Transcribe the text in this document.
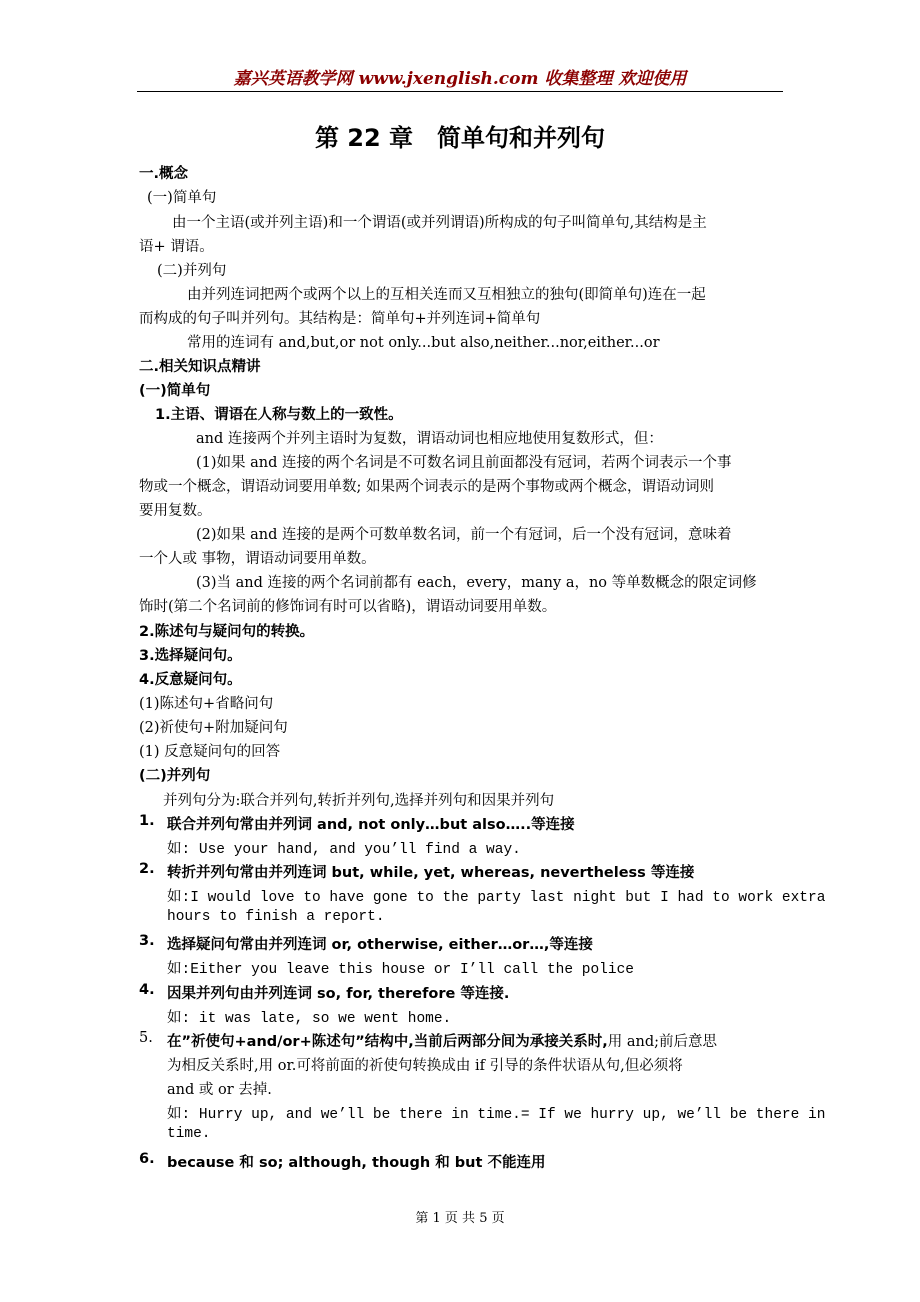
嘉兴英语教学网 www.jxenglish.com 收集整理 欢迎使用
第 22 章　简单句和并列句
一.概念
(一)简单句
由一个主语(或并列主语)和一个谓语(或并列谓语)所构成的句子叫简单句,其结构是主
语+ 谓语。
(二)并列句
由并列连词把两个或两个以上的互相关连而又互相独立的独句(即简单句)连在一起
而构成的句子叫并列句。其结构是：简单句+并列连词+简单句
常用的连词有 and,but,or not only...but also,neither...nor,either...or
二.相关知识点精讲
(一)简单句
1.主语、谓语在人称与数上的一致性。
and 连接两个并列主语时为复数，谓语动词也相应地使用复数形式，但：
(1)如果 and 连接的两个名词是不可数名词且前面都没有冠词，若两个词表示一个事
物或一个概念，谓语动词要用单数; 如果两个词表示的是两个事物或两个概念，谓语动词则
要用复数。
(2)如果 and 连接的是两个可数单数名词，前一个有冠词，后一个没有冠词，意味着
一个人或 事物，谓语动词要用单数。
(3)当 and 连接的两个名词前都有 each，every，many a，no 等单数概念的限定词修
饰时(第二个名词前的修饰词有时可以省略)，谓语动词要用单数。
2.陈述句与疑问句的转换。
3.选择疑问句。
4.反意疑问句。
(1)陈述句+省略问句
(2)祈使句+附加疑问句
(1) 反意疑问句的回答
(二)并列句
并列句分为:联合并列句,转折并列句,选择并列句和因果并列句
1. 联合并列句常由并列词 and, not only…but also…..等连接
如: Use your hand, and you’ll find a way.
2. 转折并列句常由并列连词 but, while, yet, whereas, nevertheless 等连接
如:I would love to have gone to the party last night but I had to work extra
hours to finish a report.
3. 选择疑问句常由并列连词 or, otherwise, either…or…,等连接
如:Either you leave this house or I’ll call the police
4. 因果并列句由并列连词 so, for, therefore 等连接.
如: it was late, so we went home.
5. 在”祈使句+and/or+陈述句”结构中,当前后两部分间为承接关系时,用 and;前后意思
为相反关系时,用 or.可将前面的祈使句转换成由 if 引导的条件状语从句,但必须将
and 或 or 去掉.
如: Hurry up, and we’ll be there in time.= If we hurry up, we’ll be there in
time.
6. because 和 so; although, though 和 but 不能连用
第 1 页 共 5 页
